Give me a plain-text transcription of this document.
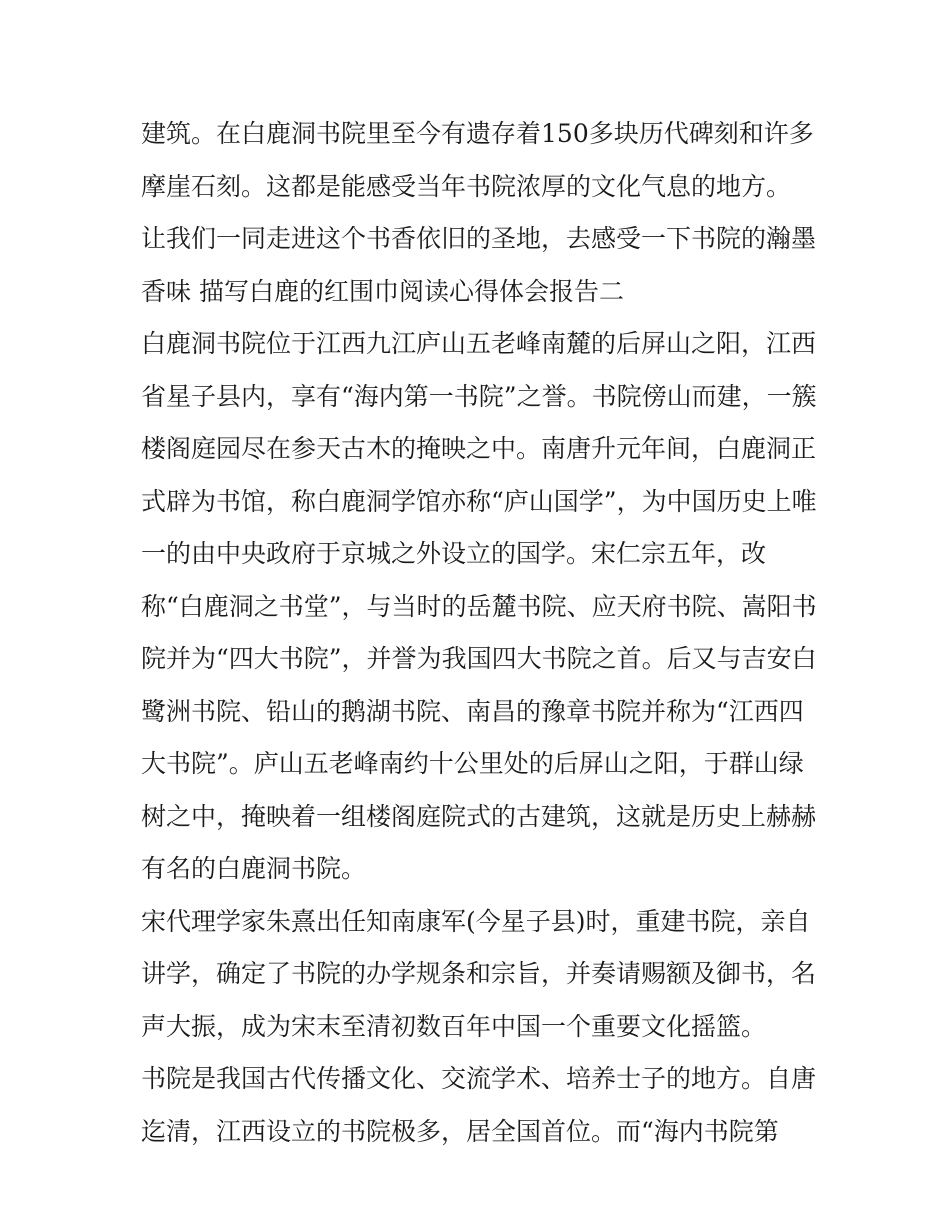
建筑。在白鹿洞书院里至今有遗存着150多块历代碑刻和许多
摩崖石刻。这都是能感受当年书院浓厚的文化气息的地方。
让我们一同走进这个书香依旧的圣地，去感受一下书院的瀚墨
香味 描写白鹿的红围巾阅读心得体会报告二
白鹿洞书院位于江西九江庐山五老峰南麓的后屏山之阳，江西
省星子县内，享有“海内第一书院”之誉。书院傍山而建，一簇
楼阁庭园尽在参天古木的掩映之中。南唐升元年间，白鹿洞正
式辟为书馆，称白鹿洞学馆亦称“庐山国学”，为中国历史上唯
一的由中央政府于京城之外设立的国学。宋仁宗五年，改
称“白鹿洞之书堂”，与当时的岳麓书院、应天府书院、嵩阳书
院并为“四大书院”，并誉为我国四大书院之首。后又与吉安白
鹭洲书院、铅山的鹅湖书院、南昌的豫章书院并称为“江西四
大书院”。庐山五老峰南约十公里处的后屏山之阳，于群山绿
树之中，掩映着一组楼阁庭院式的古建筑，这就是历史上赫赫
有名的白鹿洞书院。
宋代理学家朱熹出任知南康军(今星子县)时，重建书院，亲自
讲学，确定了书院的办学规条和宗旨，并奏请赐额及御书，名
声大振，成为宋末至清初数百年中国一个重要文化摇篮。
书院是我国古代传播文化、交流学术、培养士子的地方。自唐
迄清，江西设立的书院极多，居全国首位。而“海内书院第
